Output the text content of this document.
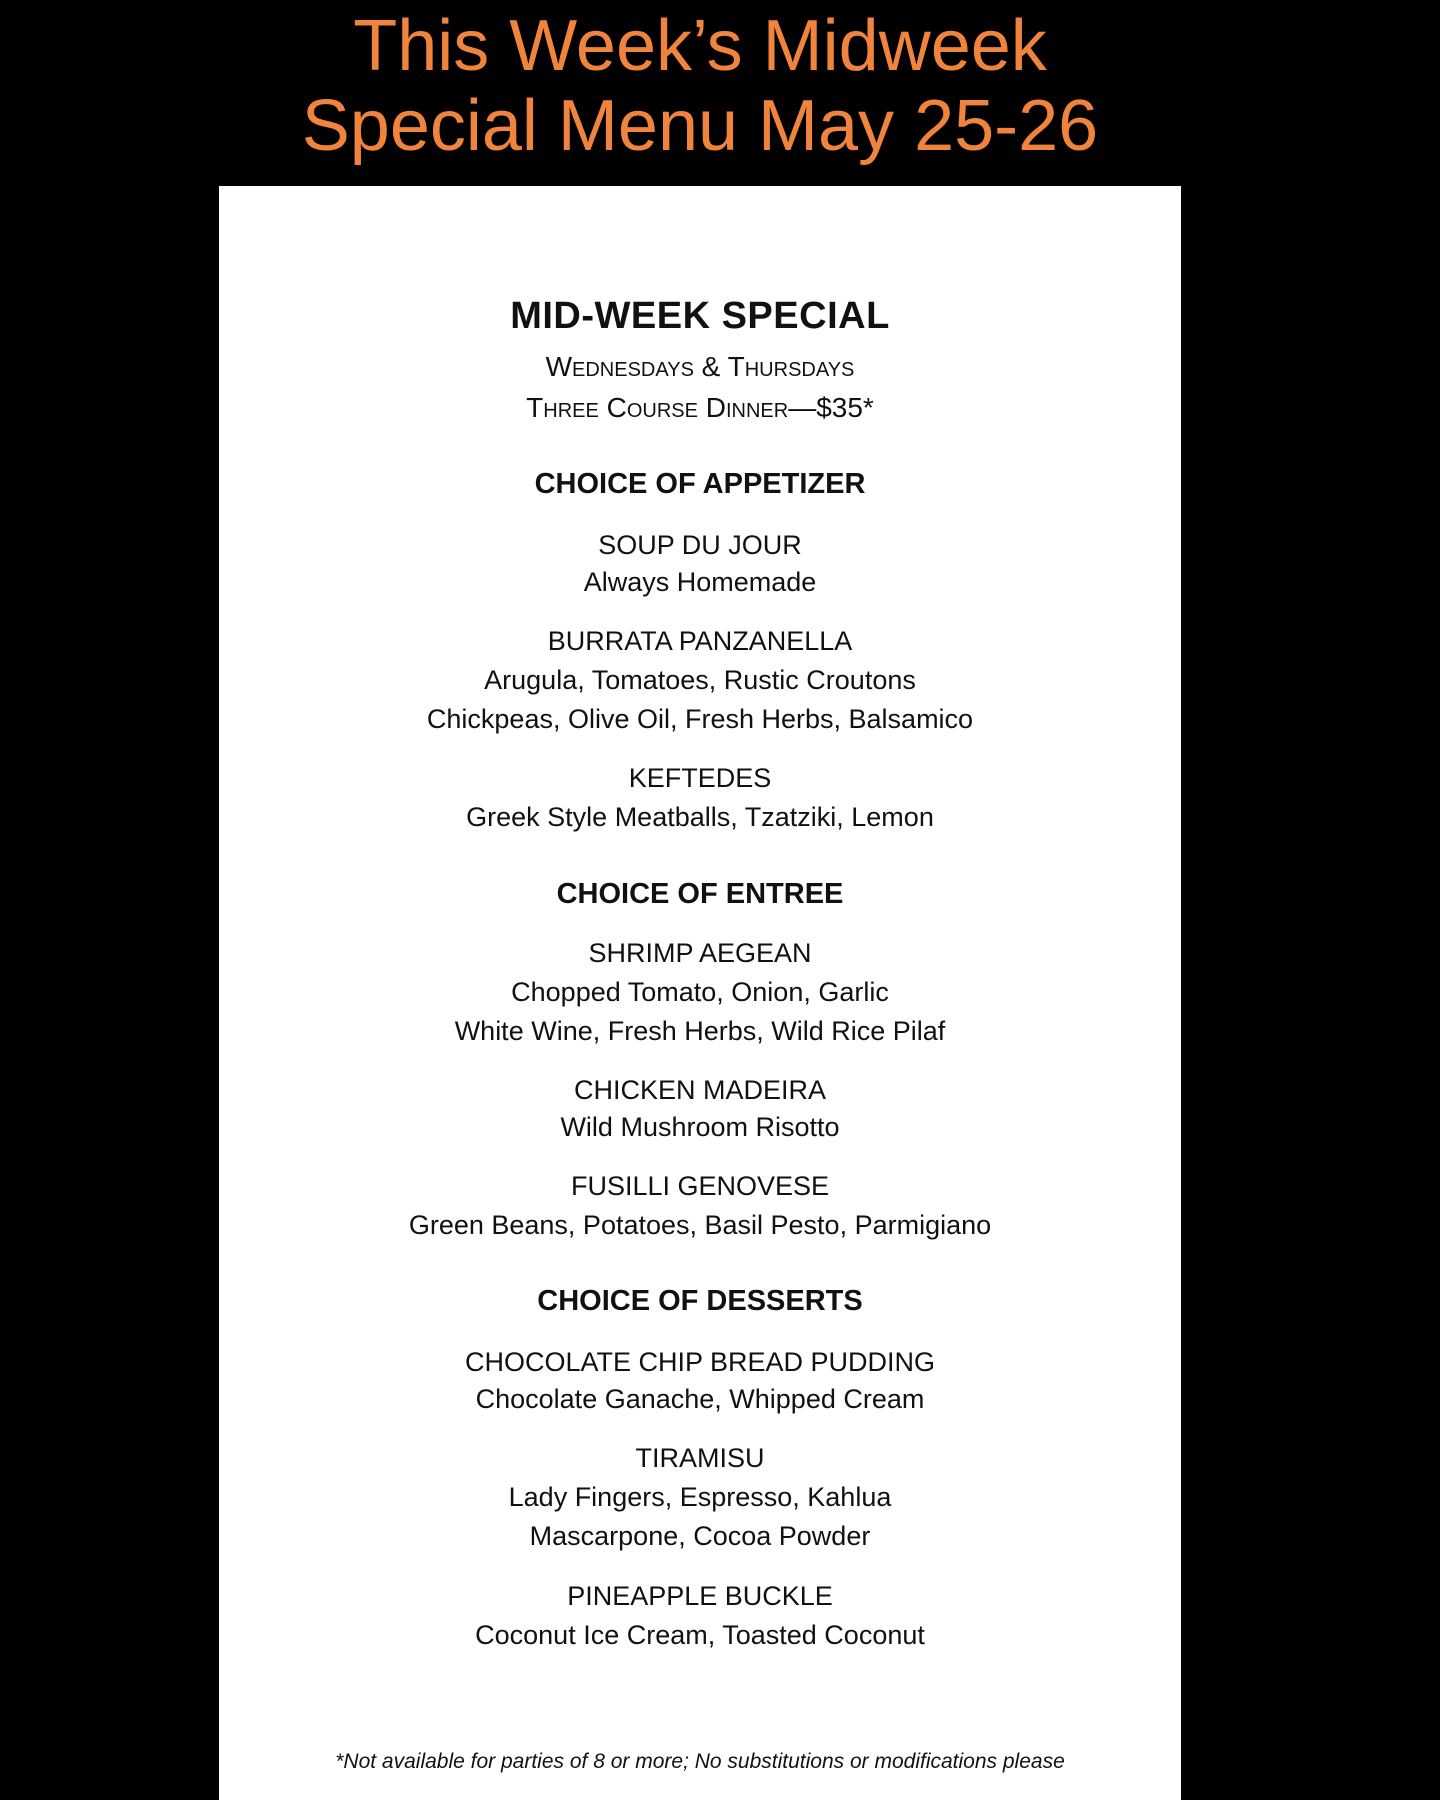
This Week’s Midweek
Special Menu May 25-26
MID-WEEK SPECIAL
Wednesdays & Thursdays
Three Course Dinner—$35*
CHOICE OF APPETIZER
SOUP DU JOUR
Always Homemade
BURRATA PANZANELLA
Arugula, Tomatoes, Rustic Croutons
Chickpeas, Olive Oil, Fresh Herbs, Balsamico
KEFTEDES
Greek Style Meatballs, Tzatziki, Lemon
CHOICE OF ENTREE
SHRIMP AEGEAN
Chopped Tomato, Onion, Garlic
White Wine, Fresh Herbs, Wild Rice Pilaf
CHICKEN MADEIRA
Wild Mushroom Risotto
FUSILLI GENOVESE
Green Beans, Potatoes, Basil Pesto, Parmigiano
CHOICE OF DESSERTS
CHOCOLATE CHIP BREAD PUDDING
Chocolate Ganache, Whipped Cream
TIRAMISU
Lady Fingers, Espresso, Kahlua
Mascarpone, Cocoa Powder
PINEAPPLE BUCKLE
Coconut Ice Cream, Toasted Coconut
*Not available for parties of 8 or more; No substitutions or modifications please
